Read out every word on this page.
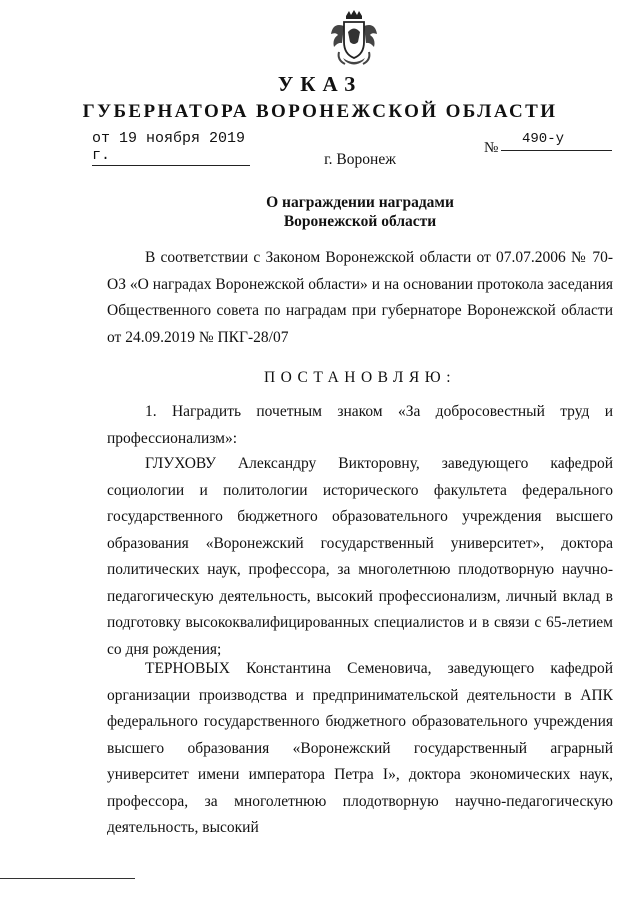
УКАЗ
ГУБЕРНАТОРА ВОРОНЕЖСКОЙ ОБЛАСТИ
от 19 ноября 2019 г.	№
490-у
г. Воронеж
О награждении наградами
Воронежской области
В соответствии с Законом Воронежской области от 07.07.2006 № 70-ОЗ «О наградах Воронежской области» и на основании протокола заседания Общественного совета по наградам при губернаторе Воронежской области от 24.09.2019 № ПКГ-28/07
ПОСТАНОВЛЯЮ:
1. Наградить почетным знаком «За добросовестный труд и профессионализм»:
ГЛУХОВУ Александру Викторовну, заведующего кафедрой социологии и политологии исторического факультета федерального государственного бюджетного образовательного учреждения высшего образования «Воронежский государственный университет», доктора политических наук, профессора, за многолетнюю плодотворную научно-педагогическую деятельность, высокий профессионализм, личный вклад в подготовку высококвалифицированных специалистов и в связи с 65-летием со дня рождения;
ТЕРНОВЫХ Константина Семеновича, заведующего кафедрой организации производства и предпринимательской деятельности в АПК федерального государственного бюджетного образовательного учреждения высшего образования «Воронежский государственный аграрный университет имени императора Петра I», доктора экономических наук, профессора, за многолетнюю плодотворную научно-педагогическую деятельность, высокий
